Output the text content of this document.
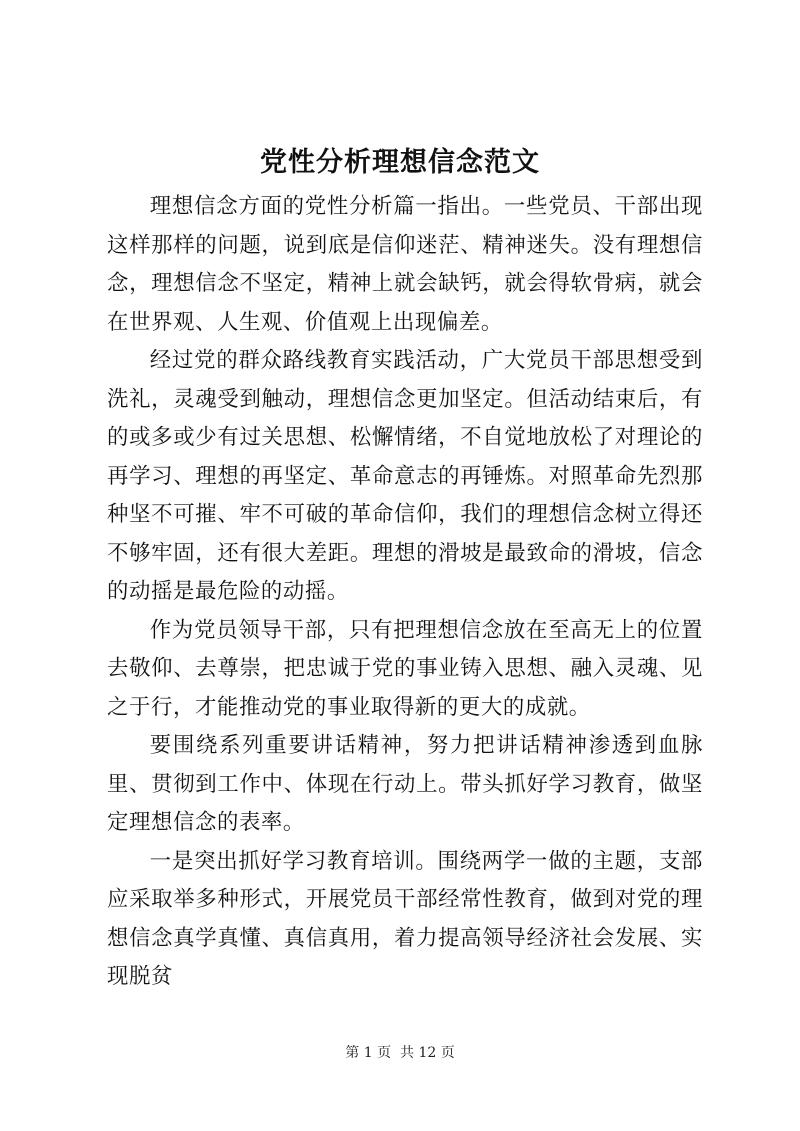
党性分析理想信念范文

理想信念方面的党性分析篇一指出。一些党员、干部出现这样那样的问题，说到底是信仰迷茫、精神迷失。没有理想信念，理想信念不坚定，精神上就会缺钙，就会得软骨病，就会在世界观、人生观、价值观上出现偏差。

经过党的群众路线教育实践活动，广大党员干部思想受到洗礼，灵魂受到触动，理想信念更加坚定。但活动结束后，有的或多或少有过关思想、松懈情绪，不自觉地放松了对理论的再学习、理想的再坚定、革命意志的再锤炼。对照革命先烈那种坚不可摧、牢不可破的革命信仰，我们的理想信念树立得还不够牢固，还有很大差距。理想的滑坡是最致命的滑坡，信念的动摇是最危险的动摇。

作为党员领导干部，只有把理想信念放在至高无上的位置去敬仰、去尊崇，把忠诚于党的事业铸入思想、融入灵魂、见之于行，才能推动党的事业取得新的更大的成就。

要围绕系列重要讲话精神，努力把讲话精神渗透到血脉里、贯彻到工作中、体现在行动上。带头抓好学习教育，做坚定理想信念的表率。

一是突出抓好学习教育培训。围绕两学一做的主题，支部应采取举多种形式，开展党员干部经常性教育，做到对党的理想信念真学真懂、真信真用，着力提高领导经济社会发展、实现脱贫

第 1 页  共 12 页
